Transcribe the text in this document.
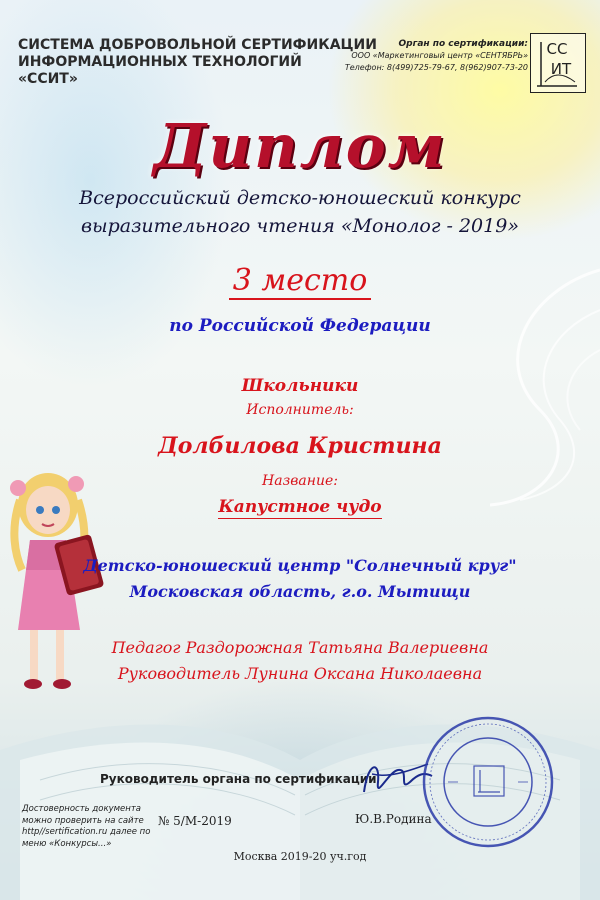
СИСТЕМА ДОБРОВОЛЬНОЙ СЕРТИФИКАЦИИ
ИНФОРМАЦИОННЫХ ТЕХНОЛОГИЙ
«ССИТ»
Орган по сертификации:
ООО «Маркетинговый центр «СЕНТЯБРЬ»
Телефон: 8(499)725-79-67, 8(962)907-73-20
СС
ИТ
Диплом
Всероссийский детско-юношеский конкурс
выразительного чтения «Монолог - 2019»
3 место
по Российской Федерации
Школьники
Исполнитель:
Долбилова Кристина
Название:
Капустное чудо
Детско-юношеский центр "Солнечный круг"
Московская область, г.о. Мытищи
Педагог Раздорожная Татьяна Валериевна
Руководитель Лунина Оксана Николаевна
Руководитель органа по сертификации
№ 5/М-2019	Ю.В.Родина
Достоверность документа можно проверить на сайте http//sertification.ru далее по меню «Конкурсы...»
Москва 2019-20 уч.год
